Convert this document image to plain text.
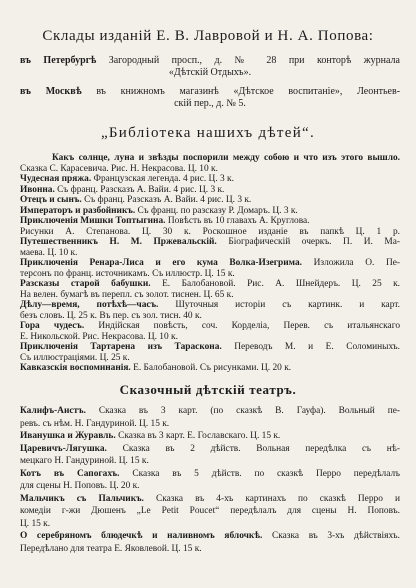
Склады изданій Е. В. Лавровой и Н. А. Попова:
въ Петербургѣ Загородный просп., д. № 28 при конторѣ журнала
«Дѣтскій Отдыхъ».
въ Москвѣ въ книжномъ магазинѣ «Дѣтское воспитаніе», Леонтьев-
скій пер., д. № 5.
„Библіотека нашихъ дѣтей“.
Какъ солнце, луна и звѣзды поспорили между собою и что изъ этого вышло.
Сказка С. Карасевича. Рис. Н. Некрасова. Ц. 10 к.
Чудесная пряжа. Французская легенда. 4 рис. Ц. 3 к.
Ивонна. Съ франц. Разсказъ А. Вайи. 4 рис. Ц. 3 к.
Отецъ и сынъ. Съ франц. Разсказъ А. Вайи. 4 рис. Ц. 3 к.
Императоръ и разбойникъ. Съ франц. по разсказу Р. Домаръ. Ц. 3 к.
Приключенія Мишки Топтыгина. Повѣсть въ 10 главахъ А. Круглова.
Рисунки А. Степанова. Ц. 30 к. Роскошное изданіе въ папкѣ Ц. 1 р.
Путешественникъ Н. М. Пржевальскій. Біографическій очеркъ. П. И. Ма-
маева. Ц. 10 к.
Приключенія Ренара-Лиса и его кума Волка-Изегрима. Изложила О. Пе-
терсонъ по франц. источникамъ. Съ иллюстр. Ц. 15 к.
Разсказы старой бабушки. Е. Балобановой. Рис. А. Шнейдеръ. Ц. 25 к.
На велен. бумагѣ въ перепл. съ золот. тиснен. Ц. 65 к.
Дѣлу—время, потѣхѣ—часъ. Шуточныя исторіи съ картинк. и карт.
безъ словъ. Ц. 25 к. Въ пер. съ зол. тисн. 40 к.
Гора чудесъ. Индійская повѣсть, соч. Корделіа, Перев. съ итальянскаго
Е. Никольской. Рис. Некрасова. Ц. 10 к.
Приключенія Тартарена изъ Тараскона. Переводъ М. и Е. Соломиныхъ.
Съ иллюстраціями. Ц. 25 к.
Кавказскія воспоминанія. Е. Балобановой. Съ рисунками. Ц. 20 к.
Сказочный дѣтскій театръ.
Калифъ-Аистъ. Сказка въ 3 карт. (по сказкѣ В. Гауфа). Вольный пе-
ревъ. съ нѣм. Н. Гандуриной. Ц. 15 к.
Иванушка и Журавль. Сказка въ 3 карт. Е. Гославскаго. Ц. 15 к.
Царевичъ-Лягушка. Сказка въ 2 дѣйств. Вольная передѣлка съ нѣ-
мецкаго Н. Гандуриной. Ц. 15 к.
Котъ въ Сапогахъ. Сказка въ 5 дѣйств. по сказкѣ Перро передѣлалъ
для сцены Н. Поповъ. Ц. 20 к.
Мальчикъ съ Пальчикъ. Сказка въ 4-хъ картинахъ по сказкѣ Перро и
комедіи г-жи Дюшенъ „Le Petit Poucet“ передѣлалъ для сцены Н. Поповъ.
Ц. 15 к.
О серебряномъ блюдечкѣ и наливномъ яблочкѣ. Сказка въ 3-хъ дѣйствіяхъ.
Передѣлано для театра Е. Яковлевой. Ц. 15 к.
